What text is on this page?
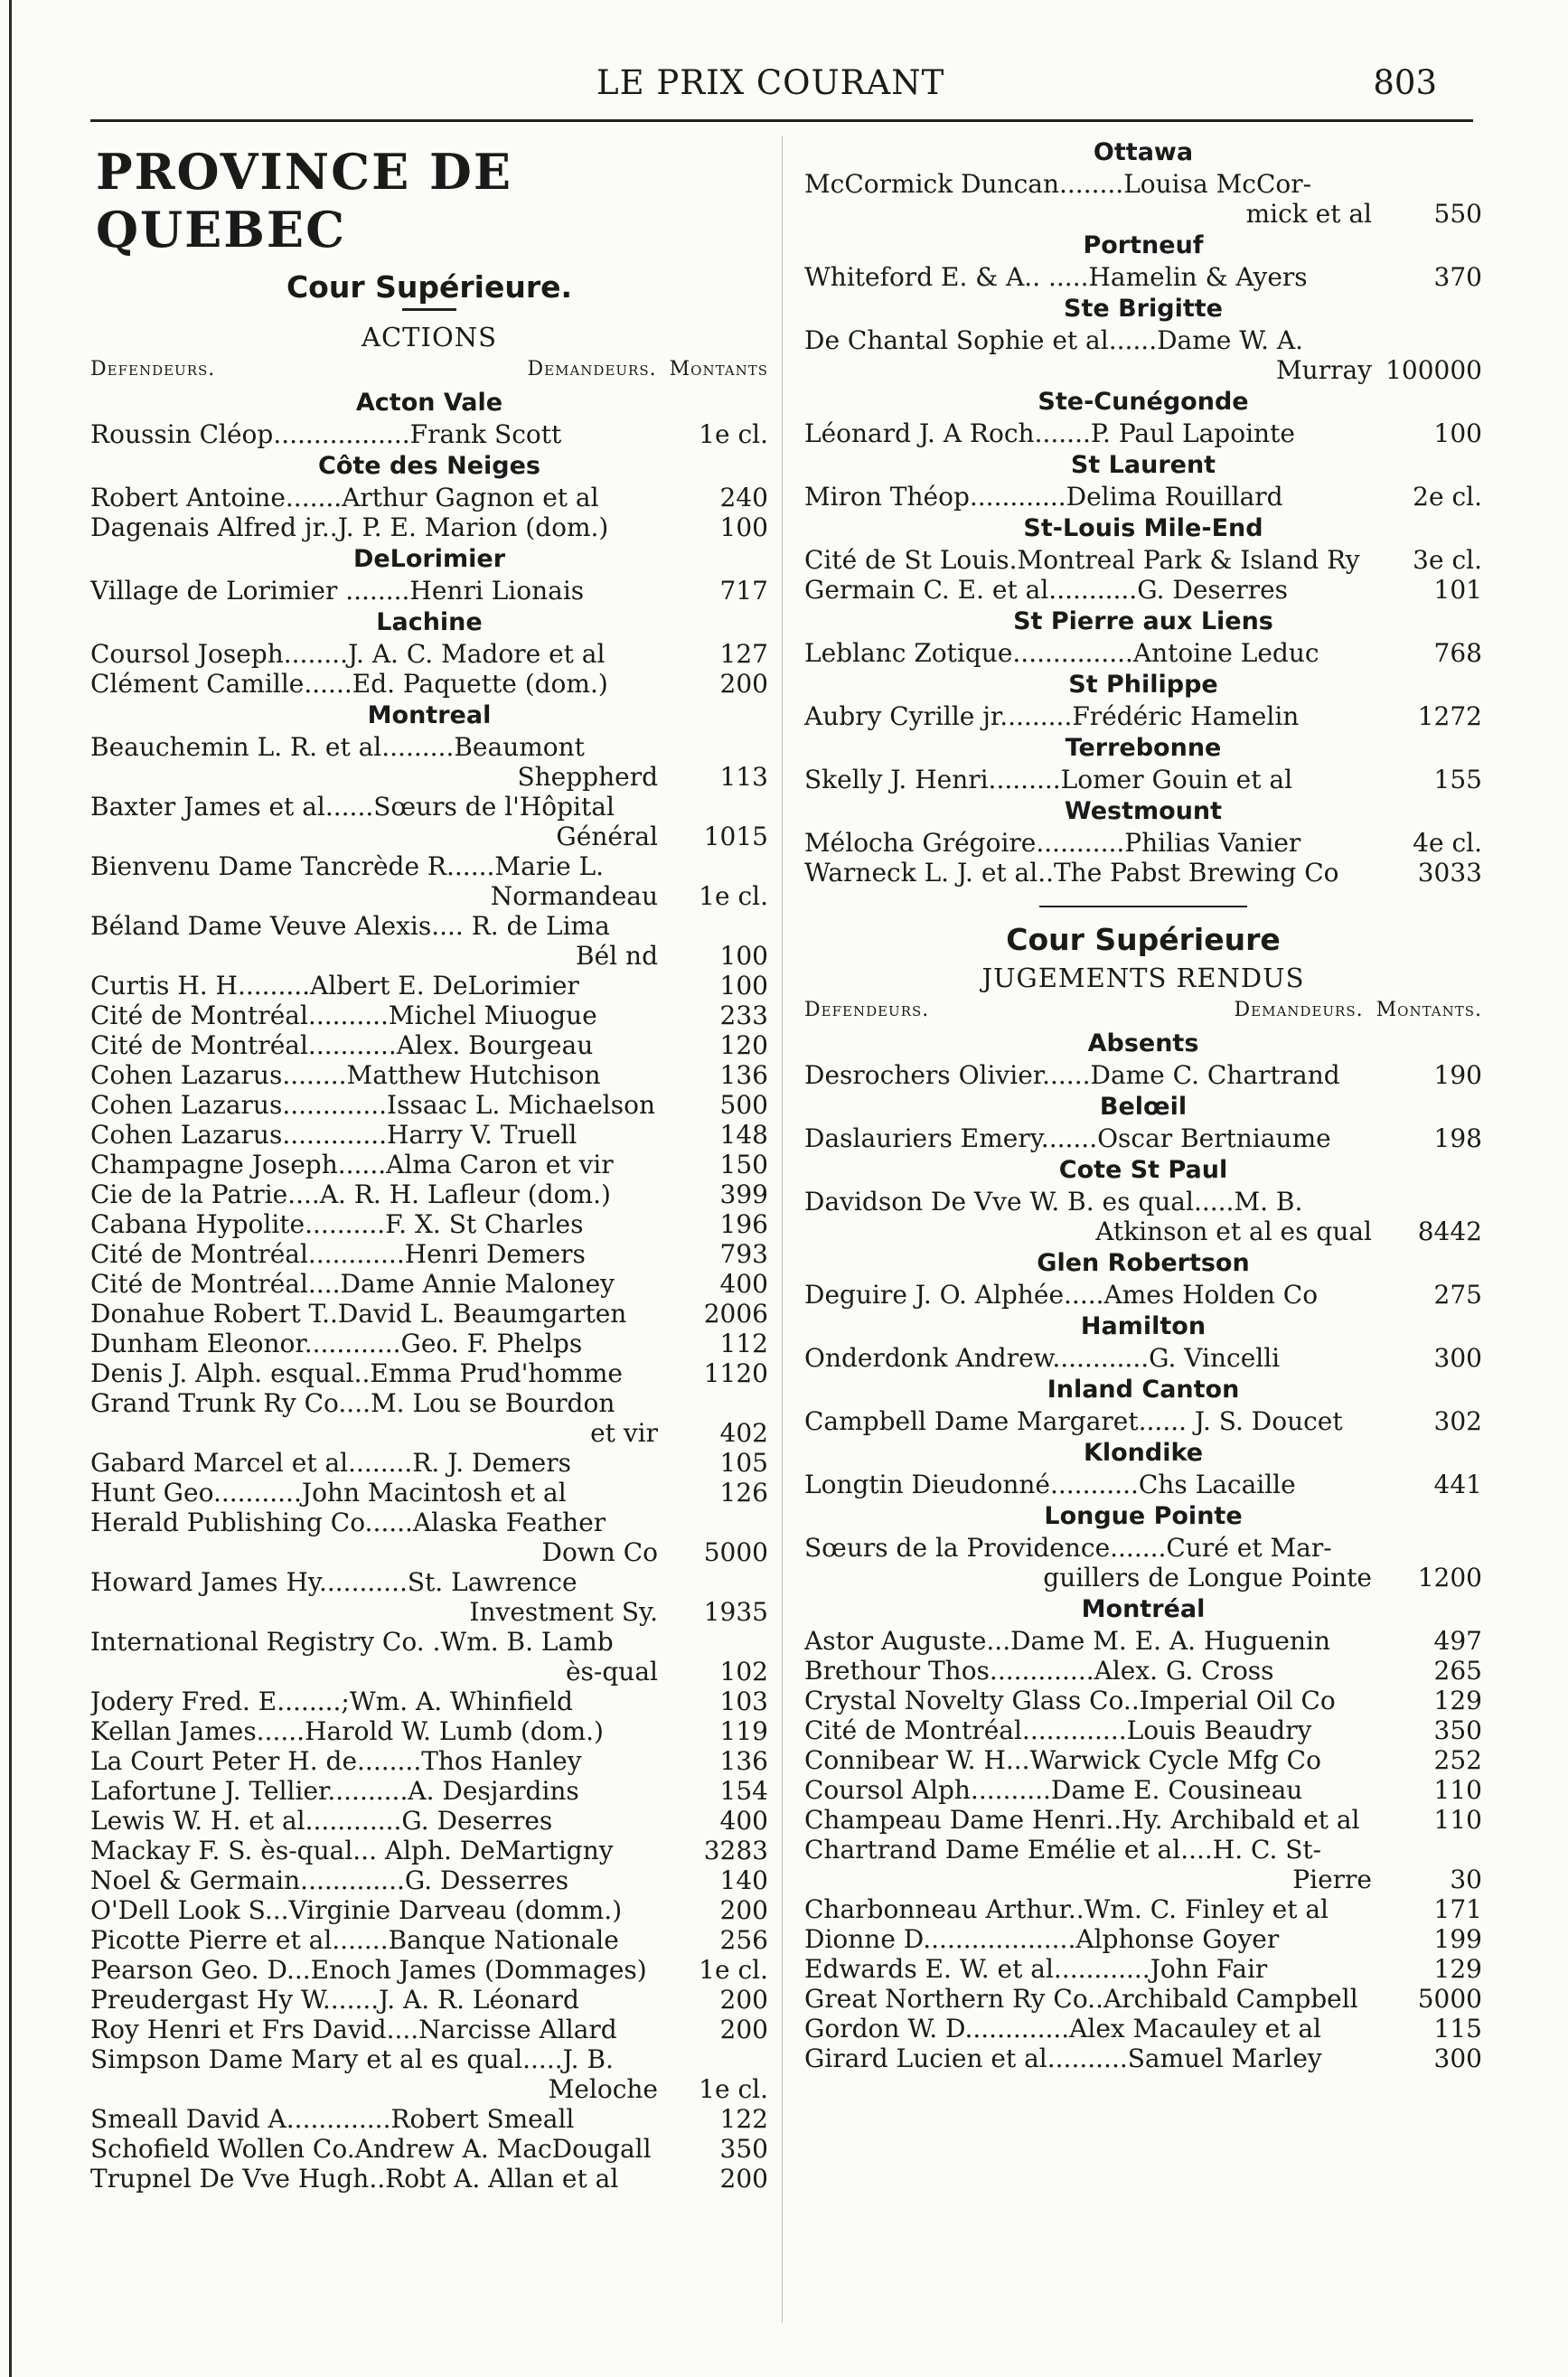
LE PRIX COURANT	803
PROVINCE DE QUEBEC
Cour Supérieure.
ACTIONS
Defendeurs.	Demandeurs. Montants
Acton Vale
Roussin Cléop.................Frank Scott	1e cl.
Côte des Neiges
Robert Antoine.......Arthur Gagnon et al	240
Dagenais Alfred jr..J. P. E. Marion (dom.)	100
DeLorimier
Village de Lorimier ........Henri Lionais	717
Lachine
Coursol Joseph........J. A. C. Madore et al	127
Clément Camille......Ed. Paquette (dom.)	200
Montreal
Beauchemin L. R. et al.........Beaumont
Sheppherd	113
Baxter James et al......Sœurs de l'Hôpital
Général	1015
Bienvenu Dame Tancrède R......Marie L.
Normandeau	1e cl.
Béland Dame Veuve Alexis.... R. de Lima
Bél nd	100
Curtis H. H.........Albert E. DeLorimier	100
Cité de Montréal..........Michel Miuogue	233
Cité de Montréal...........Alex. Bourgeau	120
Cohen Lazarus........Matthew Hutchison	136
Cohen Lazarus.............Issaac L. Michaelson	500
Cohen Lazarus.............Harry V. Truell	148
Champagne Joseph......Alma Caron et vir	150
Cie de la Patrie....A. R. H. Lafleur (dom.)	399
Cabana Hypolite..........F. X. St Charles	196
Cité de Montréal............Henri Demers	793
Cité de Montréal....Dame Annie Maloney	400
Donahue Robert T..David L. Beaumgarten	2006
Dunham Eleonor............Geo. F. Phelps	112
Denis J. Alph. esqual..Emma Prud'homme	1120
Grand Trunk Ry Co....M. Lou se Bourdon
et vir	402
Gabard Marcel et al........R. J. Demers	105
Hunt Geo...........John Macintosh et al	126
Herald Publishing Co......Alaska Feather
Down Co	5000
Howard James Hy...........St. Lawrence
Investment Sy.	1935
International Registry Co. .Wm. B. Lamb
ès-qual	102
Jodery Fred. E........;Wm. A. Whinfield	103
Kellan James......Harold W. Lumb (dom.)	119
La Court Peter H. de........Thos Hanley	136
Lafortune J. Tellier..........A. Desjardins	154
Lewis W. H. et al............G. Deserres	400
Mackay F. S. ès-qual... Alph. DeMartigny	3283
Noel & Germain.............G. Desserres	140
O'Dell Look S...Virginie Darveau (domm.)	200
Picotte Pierre et al.......Banque Nationale	256
Pearson Geo. D...Enoch James (Dommages)	1e cl.
Preudergast Hy W.......J. A. R. Léonard	200
Roy Henri et Frs David....Narcisse Allard	200
Simpson Dame Mary et al es qual.....J. B.
Meloche	1e cl.
Smeall David A.............Robert Smeall	122
Schofield Wollen Co.Andrew A. MacDougall	350
Trupnel De Vve Hugh..Robt A. Allan et al	200
Ottawa
McCormick Duncan........Louisa McCor-
mick et al	550
Portneuf
Whiteford E. & A.. .....Hamelin & Ayers	370
Ste Brigitte
De Chantal Sophie et al......Dame W. A.
Murray 100000
Ste-Cunégonde
Léonard J. A Roch.......P. Paul Lapointe	100
St Laurent
Miron Théop............Delima Rouillard	2e cl.
St-Louis Mile-End
Cité de St Louis.Montreal Park & Island Ry	3e cl.
Germain C. E. et al...........G. Deserres	101
St Pierre aux Liens
Leblanc Zotique...............Antoine Leduc	768
St Philippe
Aubry Cyrille jr.........Frédéric Hamelin	1272
Terrebonne
Skelly J. Henri.........Lomer Gouin et al	155
Westmount
Mélocha Grégoire...........Philias Vanier	4e cl.
Warneck L. J. et al..The Pabst Brewing Co	3033
Cour Supérieure
JUGEMENTS RENDUS
Defendeurs.	Demandeurs. Montants.
Absents
Desrochers Olivier......Dame C. Chartrand	190
Belœil
Daslauriers Emery.......Oscar Bertniaume	198
Cote St Paul
Davidson De Vve W. B. es qual.....M. B.
Atkinson et al es qual	8442
Glen Robertson
Deguire J. O. Alphée.....Ames Holden Co	275
Hamilton
Onderdonk Andrew............G. Vincelli	300
Inland Canton
Campbell Dame Margaret...... J. S. Doucet	302
Klondike
Longtin Dieudonné...........Chs Lacaille	441
Longue Pointe
Sœurs de la Providence.......Curé et Mar-
guillers de Longue Pointe	1200
Montréal
Astor Auguste...Dame M. E. A. Huguenin	497
Brethour Thos.............Alex. G. Cross	265
Crystal Novelty Glass Co..Imperial Oil Co	129
Cité de Montréal.............Louis Beaudry	350
Connibear W. H...Warwick Cycle Mfg Co	252
Coursol Alph..........Dame E. Cousineau	110
Champeau Dame Henri..Hy. Archibald et al	110
Chartrand Dame Emélie et al....H. C. St-
Pierre	30
Charbonneau Arthur..Wm. C. Finley et al	171
Dionne D...................Alphonse Goyer	199
Edwards E. W. et al............John Fair	129
Great Northern Ry Co..Archibald Campbell	5000
Gordon W. D.............Alex Macauley et al	115
Girard Lucien et al..........Samuel Marley	300
